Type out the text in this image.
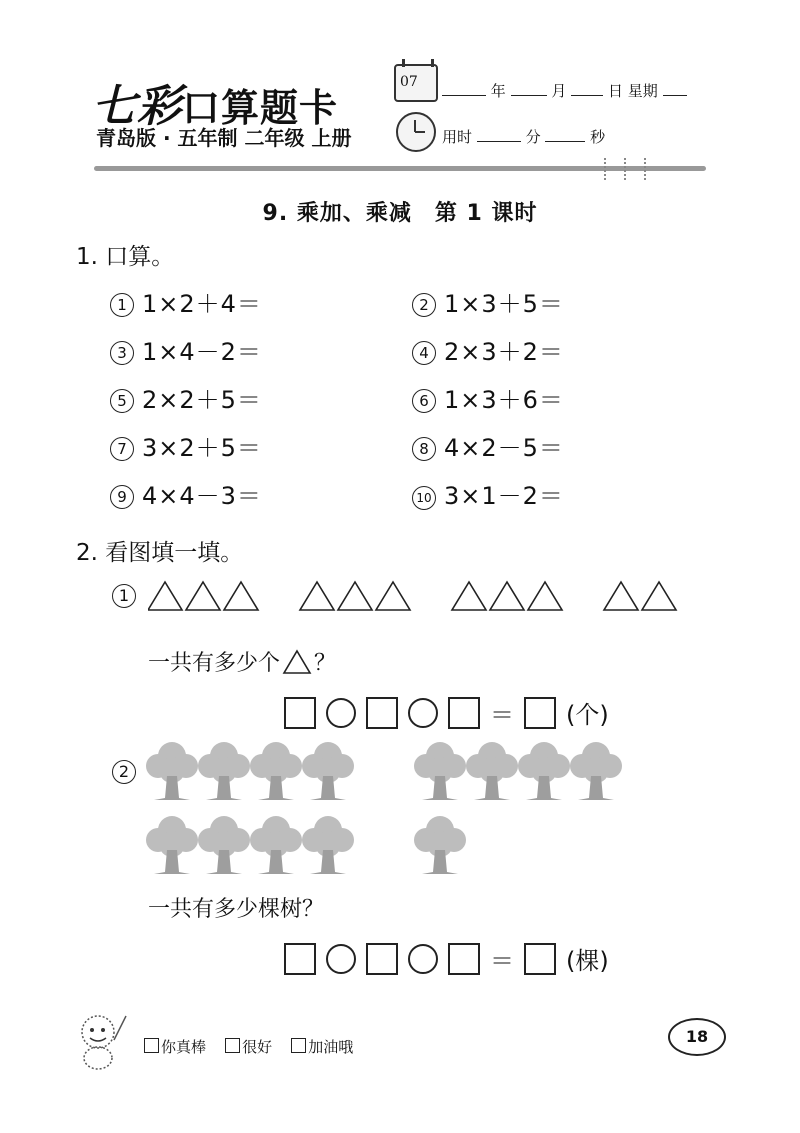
七彩口算题卡
青岛版 · 五年制 二年级 上册
07	年	月	日 星期
用时	分	秒
9. 乘加、乘减　第 1 课时
1. 口算。
1 1×2＋4＝	2 1×3＋5＝
3 1×4－2＝	4 2×3＋2＝
5 2×2＋5＝	6 1×3＋6＝
7 3×2＋5＝	8 4×2－5＝
9 4×4－3＝	10 3×1－2＝
2. 看图填一填。
1
一共有多少个 ？
＝ (个)
2
一共有多少棵树？
＝ (棵)
你真棒 很好 加油哦
18
